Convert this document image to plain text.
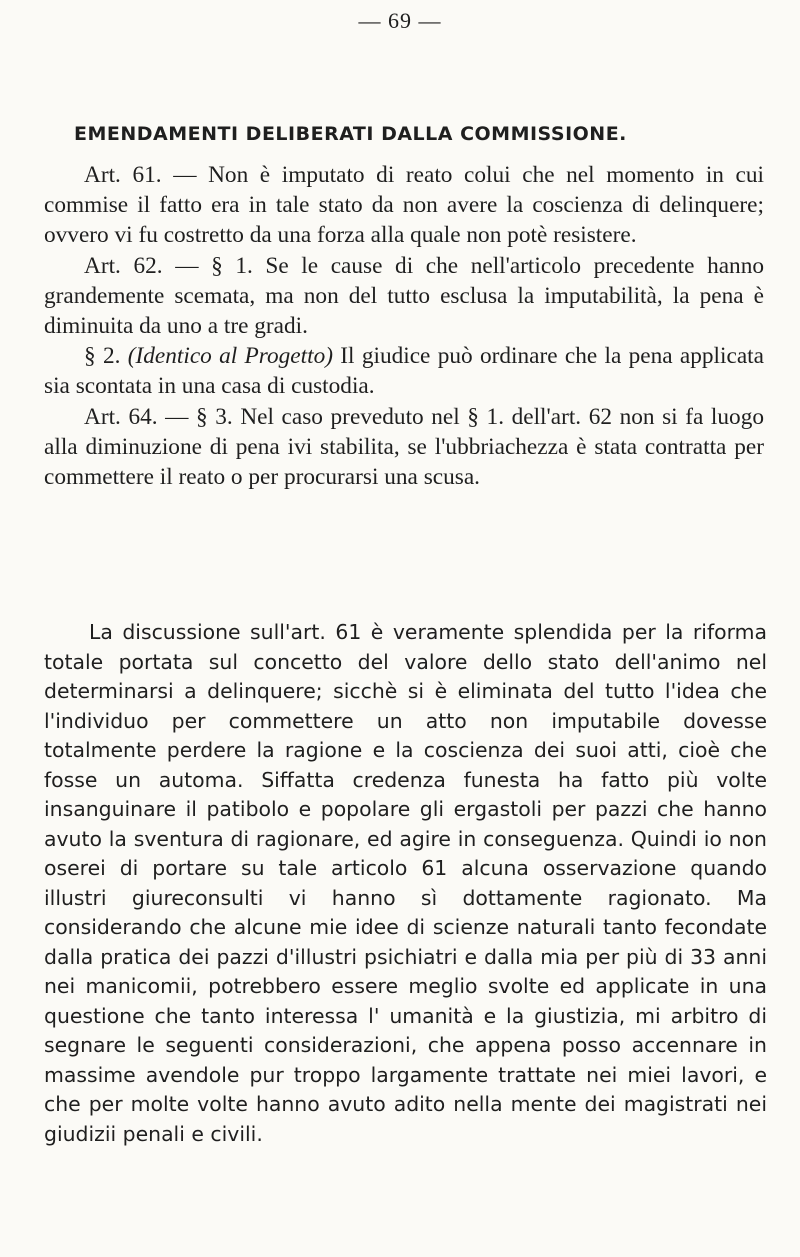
— 69 —
EMENDAMENTI DELIBERATI DALLA COMMISSIONE.

Art. 61. — Non è imputato di reato colui che nel momento in cui commise il fatto era in tale stato da non avere la coscienza di delinquere; ovvero vi fu costretto da una forza alla quale non potè resistere.

Art. 62. — § 1. Se le cause di che nell'articolo precedente hanno grandemente scemata, ma non del tutto esclusa la imputabilità, la pena è diminuita da uno a tre gradi.

§ 2. (Identico al Progetto) Il giudice può ordinare che la pena applicata sia scontata in una casa di custodia.

Art. 64. — § 3. Nel caso preveduto nel § 1. dell'art. 62 non si fa luogo alla diminuzione di pena ivi stabilita, se l'ubbriachezza è stata contratta per commettere il reato o per procurarsi una scusa.

La discussione sull'art. 61 è veramente splendida per la riforma totale portata sul concetto del valore dello stato dell'animo nel determinarsi a delinquere; sicchè si è eliminata del tutto l'idea che l'individuo per commettere un atto non imputabile dovesse totalmente perdere la ragione e la coscienza dei suoi atti, cioè che fosse un automa. Siffatta credenza funesta ha fatto più volte insanguinare il patibolo e popolare gli ergastoli per pazzi che hanno avuto la sventura di ragionare, ed agire in conseguenza. Quindi io non oserei di portare su tale articolo 61 alcuna osservazione quando illustri giureconsulti vi hanno sì dottamente ragionato. Ma considerando che alcune mie idee di scienze naturali tanto fecondate dalla pratica dei pazzi d'illustri psichiatri e dalla mia per più di 33 anni nei manicomii, potrebbero essere meglio svolte ed applicate in una questione che tanto interessa l' umanità e la giustizia, mi arbitro di segnare le seguenti considerazioni, che appena posso accennare in massime avendole pur troppo largamente trattate nei miei lavori, e che per molte volte hanno avuto adito nella mente dei magistrati nei giudizii penali e civili.
